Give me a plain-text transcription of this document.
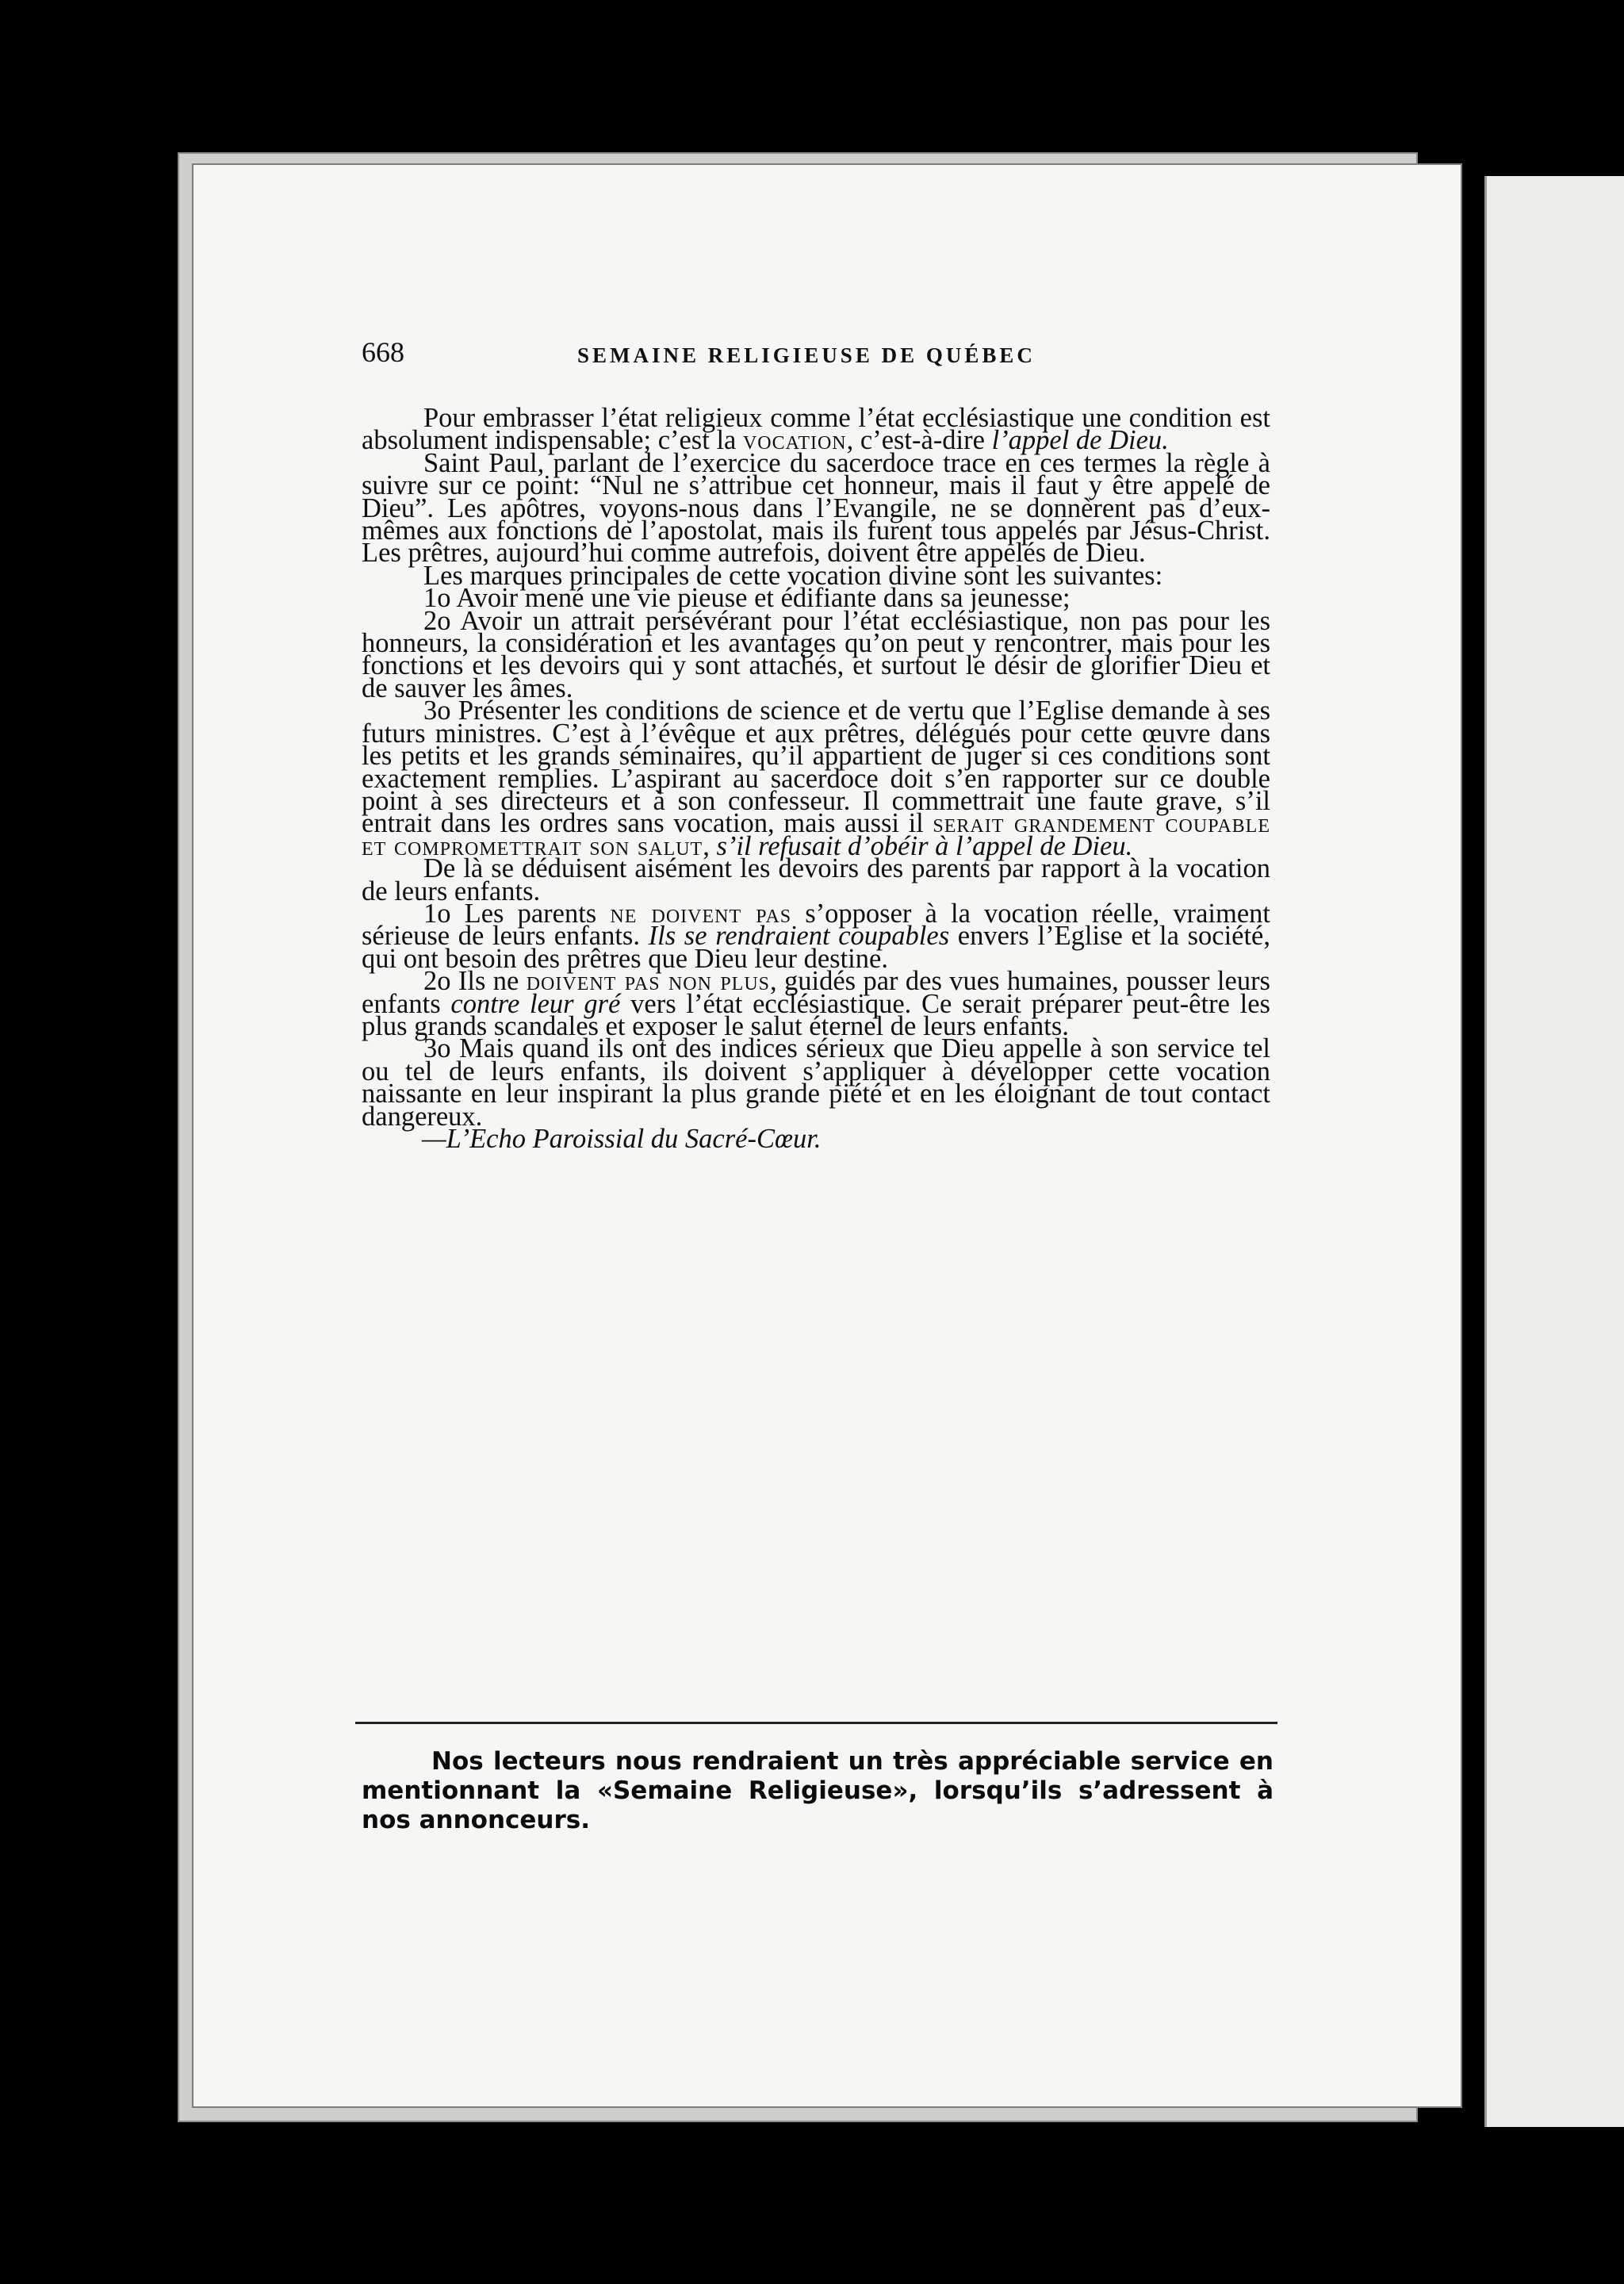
668	SEMAINE RELIGIEUSE DE QUÉBEC

Pour embrasser l’état religieux comme l’état ecclésiastique une condition est absolument indispensable; c’est la vocation, c’est-à-dire l’appel de Dieu.

Saint Paul, parlant de l’exercice du sacerdoce trace en ces termes la règle à suivre sur ce point: “Nul ne s’attribue cet honneur, mais il faut y être appelé de Dieu”. Les apôtres, voyons-nous dans l’Evangile, ne se donnèrent pas d’eux-mêmes aux fonctions de l’apostolat, mais ils furent tous appelés par Jésus-Christ. Les prêtres, aujourd’hui comme autrefois, doivent être appelés de Dieu.

Les marques principales de cette vocation divine sont les suivantes:

1o Avoir mené une vie pieuse et édifiante dans sa jeunesse;

2o Avoir un attrait persévérant pour l’état ecclésiastique, non pas pour les honneurs, la considération et les avantages qu’on peut y rencontrer, mais pour les fonctions et les devoirs qui y sont attachés, et surtout le désir de glorifier Dieu et de sauver les âmes.

3o Présenter les conditions de science et de vertu que l’Eglise demande à ses futurs ministres. C’est à l’évêque et aux prêtres, délégués pour cette œuvre dans les petits et les grands séminaires, qu’il appartient de juger si ces conditions sont exactement remplies. L’aspirant au sacerdoce doit s’en rapporter sur ce double point à ses directeurs et à son confesseur. Il commettrait une faute grave, s’il entrait dans les ordres sans vocation, mais aussi il serait grandement coupable et compromettrait son salut, s’il refusait d’obéir à l’appel de Dieu.

De là se déduisent aisément les devoirs des parents par rapport à la vocation de leurs enfants.

1o Les parents ne doivent pas s’opposer à la vocation réelle, vraiment sérieuse de leurs enfants. Ils se rendraient coupables envers l’Eglise et la société, qui ont besoin des prêtres que Dieu leur destine.

2o Ils ne doivent pas non plus, guidés par des vues humaines, pousser leurs enfants contre leur gré vers l’état ecclésiastique. Ce serait préparer peut-être les plus grands scandales et exposer le salut éternel de leurs enfants.

3o Mais quand ils ont des indices sérieux que Dieu appelle à son service tel ou tel de leurs enfants, ils doivent s’appliquer à développer cette vocation naissante en leur inspirant la plus grande piété et en les éloignant de tout contact dangereux.

—L’Echo Paroissial du Sacré-Cœur.

Nos lecteurs nous rendraient un très appréciable service en mentionnant la «Semaine Religieuse», lorsqu’ils s’adressent à nos annonceurs.
